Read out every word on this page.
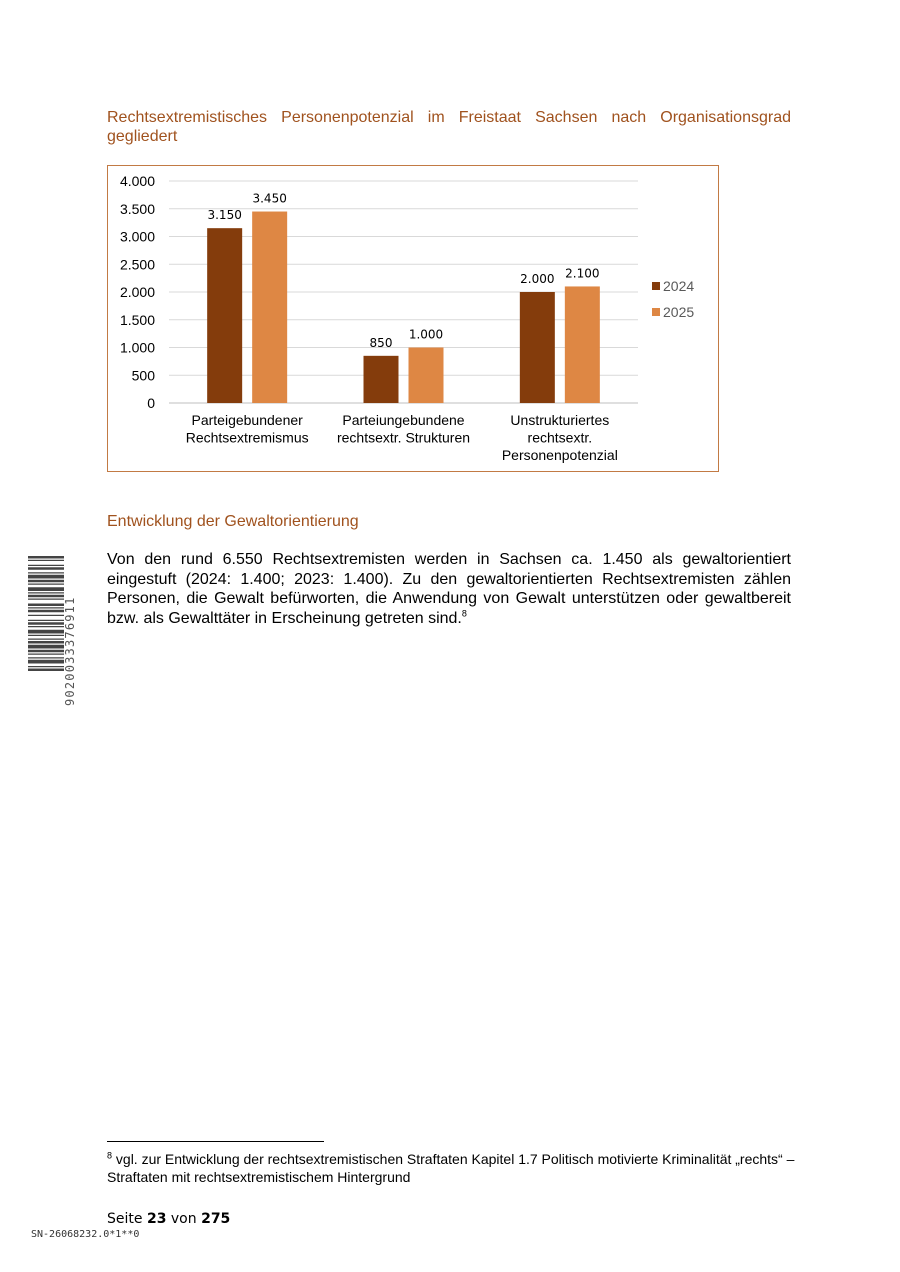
Rechtsextremistisches Personenpotenzial im Freistaat Sachsen nach Organisationsgrad gegliedert
0
500
1.000
1.500
2.000
2.500
3.000
3.500
4.000
3.150
3.450
Parteigebundener
Rechtsextremismus
850
1.000
Parteiungebundene
rechtsextr. Strukturen
2.000 2.100
Unstrukturiertes
rechtsextr.
Personenpotenzial
2024
2025
Entwicklung der Gewaltorientierung
Von den rund 6.550 Rechtsextremisten werden in Sachsen ca. 1.450 als gewaltorientiert eingestuft (2024: 1.400; 2023: 1.400). Zu den gewaltorientierten Rechtsextremisten zählen Personen, die Gewalt befürworten, die Anwendung von Gewalt unterstützen oder gewaltbereit bzw. als Gewalttäter in Erscheinung getreten sind.$^8$
9020033376911
$^8$ vgl. zur Entwicklung der rechtsextremistischen Straftaten Kapitel 1.7 Politisch motivierte Kriminalität „rechts“ – Straftaten mit rechtsextremistischem Hintergrund
Seite 23 von 275
SN-26068232.0*1**0
